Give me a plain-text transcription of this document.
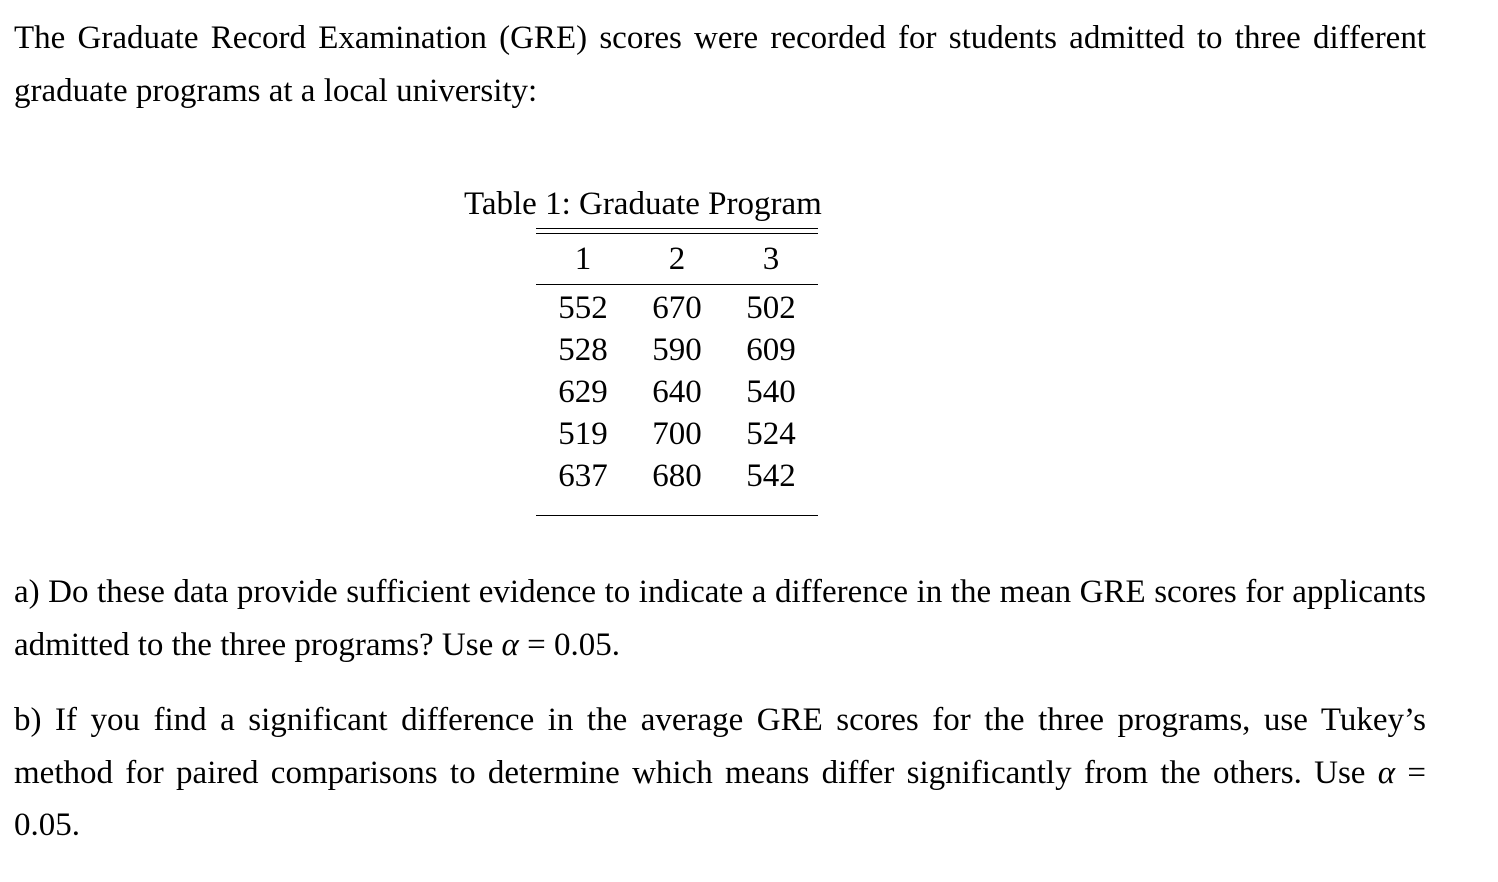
The Graduate Record Examination (GRE) scores were recorded for students admitted to three different graduate programs at a local university:

Table 1: Graduate Program
1	2	3
552	670	502
528	590	609
629	640	540
519	700	524
637	680	542

a) Do these data provide sufficient evidence to indicate a difference in the mean GRE scores for applicants admitted to the three programs? Use α = 0.05.

b) If you find a significant difference in the average GRE scores for the three programs, use Tukey’s method for paired comparisons to determine which means differ significantly from the others. Use α = 0.05.
